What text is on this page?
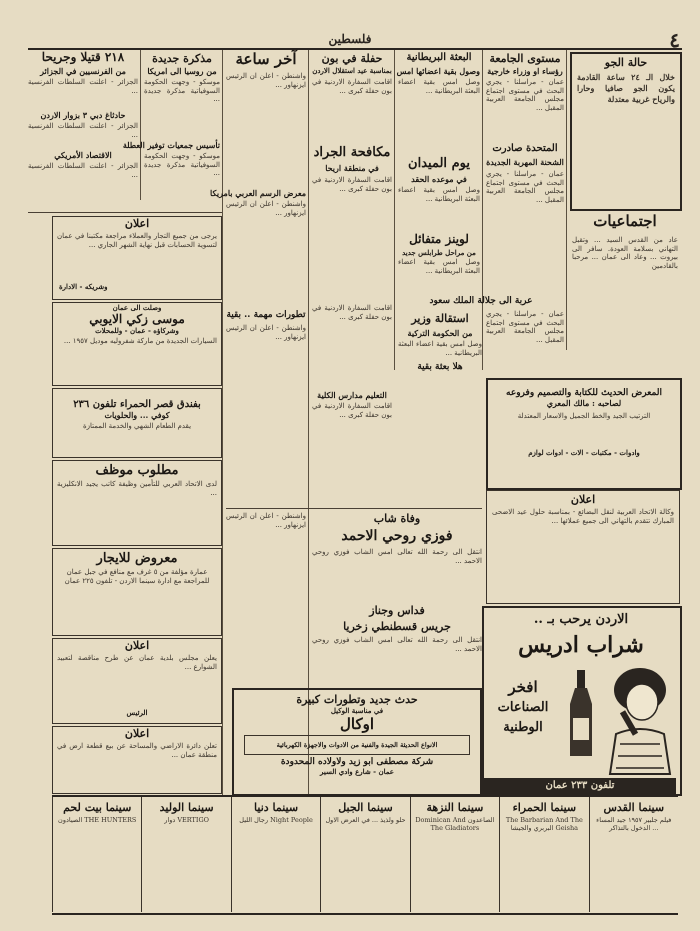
٤
فلسطين
حالة الجو
خلال الـ ٢٤ ساعة القادمة يكون الجو صافيا وحارا والرياح غربية معتدلة
اجتماعيات
عاد من القدس السيد ... وتقبل التهاني بسلامة العودة. سافر الى بيروت ... وعاد الى عمان ... مرحبا بالقادمين
مستوى الجامعة
رؤساء او وزراء خارجية
عمان - مراسلنا - يجري البحث في مستوى اجتماع مجلس الجامعة العربية المقبل ...
المتحدة صادرت
الشحنة المهربة الجديدة
عمان - مراسلنا - يجري البحث في مستوى اجتماع مجلس الجامعة العربية المقبل ...
عربة الى جلالة الملك سعود
عمان - مراسلنا - يجري البحث في مستوى اجتماع مجلس الجامعة العربية المقبل ...
البعثة البريطانية
وصول بقية اعضائها امس
وصل امس بقية اعضاء البعثة البريطانية ...
يوم الميدان
في موعده الحقد
وصل امس بقية اعضاء البعثة البريطانية ...
لوينز متفائل
من مراحل طرابلس جديد
وصل امس بقية اعضاء البعثة البريطانية ...
استقالة وزير
من الحكومة التركية
وصل امس بقية اعضاء البعثة البريطانية ...
هلا بعثة بقية
حفلة في بون
بمناسبة عيد استقلال الاردن
اقامت السفارة الاردنية في بون حفلة كبرى ...
مكافحة الجراد
في منطقة اريحا
اقامت السفارة الاردنية في بون حفلة كبرى ...
تطورات مهمة .. بقية
التعليم مدارس الكلية
اقامت السفارة الاردنية في بون حفلة كبرى ...
اقامت السفارة الاردنية في بون حفلة كبرى ...
آخر ساعة
واشنطن - اعلن ان الرئيس ايزنهاور ...
معرض الرسم العربي بامريكا
واشنطن - اعلن ان الرئيس ايزنهاور ...
واشنطن - اعلن ان الرئيس ايزنهاور ...
مذكرة جديدة
من روسيا الى امريكا
موسكو - وجهت الحكومة السوفياتية مذكرة جديدة ...
تأسيس جمعيات توفير العطلة
موسكو - وجهت الحكومة السوفياتية مذكرة جديدة ...
٢١٨ قتيلا وجريحا
من الفرنسيين في الجزائر
الجزائر - اعلنت السلطات الفرنسية ...
حادثاغ دبي ٣ بزوار الاردن
الجزائر - اعلنت السلطات الفرنسية ...
الاقتصاد الأمريكي
الجزائر - اعلنت السلطات الفرنسية ...
اعلان
يرجى من جميع التجار والعملاء مراجعة مكتبنا في عمان لتسوية الحسابات قبل نهاية الشهر الجاري ...
وشريكه - الادارة
وصلت الى عمان
موسى زكي الايوبي
وشركاؤه - عمان - وللمحلات
السيارات الجديدة من ماركة شفروليه موديل ١٩٥٧ ...
بفندق قصر الحمراء تلفون ٢٣٦
كوفي ... والحلويات
يقدم الطعام الشهي والخدمة الممتازة
مطلوب موظف
لدى الاتحاد العربي للتأمين وظيفة كاتب يجيد الانكليزية ...
معروض للايجار
عمارة مؤلفة من ٥ غرف مع منافع في جبل عمان للمراجعة مع ادارة سينما الاردن - تلفون ٢٢٥ عمان
اعلان
يعلن مجلس بلدية عمان عن طرح مناقصة لتعبيد الشوارع ...
الرئيس
اعلان
تعلن دائرة الاراضي والمساحة عن بيع قطعة ارض في منطقة عمان ...
المعرض الحديث للكتابة والتصميم وفروعه
لصاحبه : مالك المعري
الترتيب الجيد والخط الجميل والاسعار المعتدلة
وادوات - مكتبات - الات - ادوات لوازم
اعلان
وكالة الاتحاد العربية لنقل البضائع - بمناسبة حلول عيد الاضحى المبارك تتقدم بالتهاني الى جميع عملائها ...
الاردن يرحب بـ ..
شراب ادريس
افخر
الصناعات
الوطنية
تلفون ٢٣٣ عمان
وفاة شاب
فوزي روحي الاحمد
انتقل الى رحمة الله تعالى امس الشاب فوزي روحي الاحمد ...
فداس وجناز
جريس قسطنطي زخريا
انتقل الى رحمة الله تعالى امس الشاب فوزي روحي الاحمد ...
واشنطن - اعلن ان الرئيس ايزنهاور ...
حدث جديد وتطورات كبيرة
في مناسبة الوكيل
اوكال
الانواع الحديثة الجيدة والفنية من الادوات والاجهزة الكهربائية
شركة مصطفى ابو زيد ولاولاده المحدودة
عمان - شارع وادي السير
سينما القدس
فيلم جلبير ١٩٥٧ جيد المساء ... الدخول بالتذاكر
سينما الحمراء
The Barbarian And The Geisha البربري والجيشا
سينما النزهة
الصاعدون Dominican And The Gladiators
سينما الجبل
حلو ولذيذ ... في العرض الاول
سينما دنيا
Night People رجال الليل
سينما الوليد
VERTIGO دوار
سينما بيت لحم
THE HUNTERS الصيادون
